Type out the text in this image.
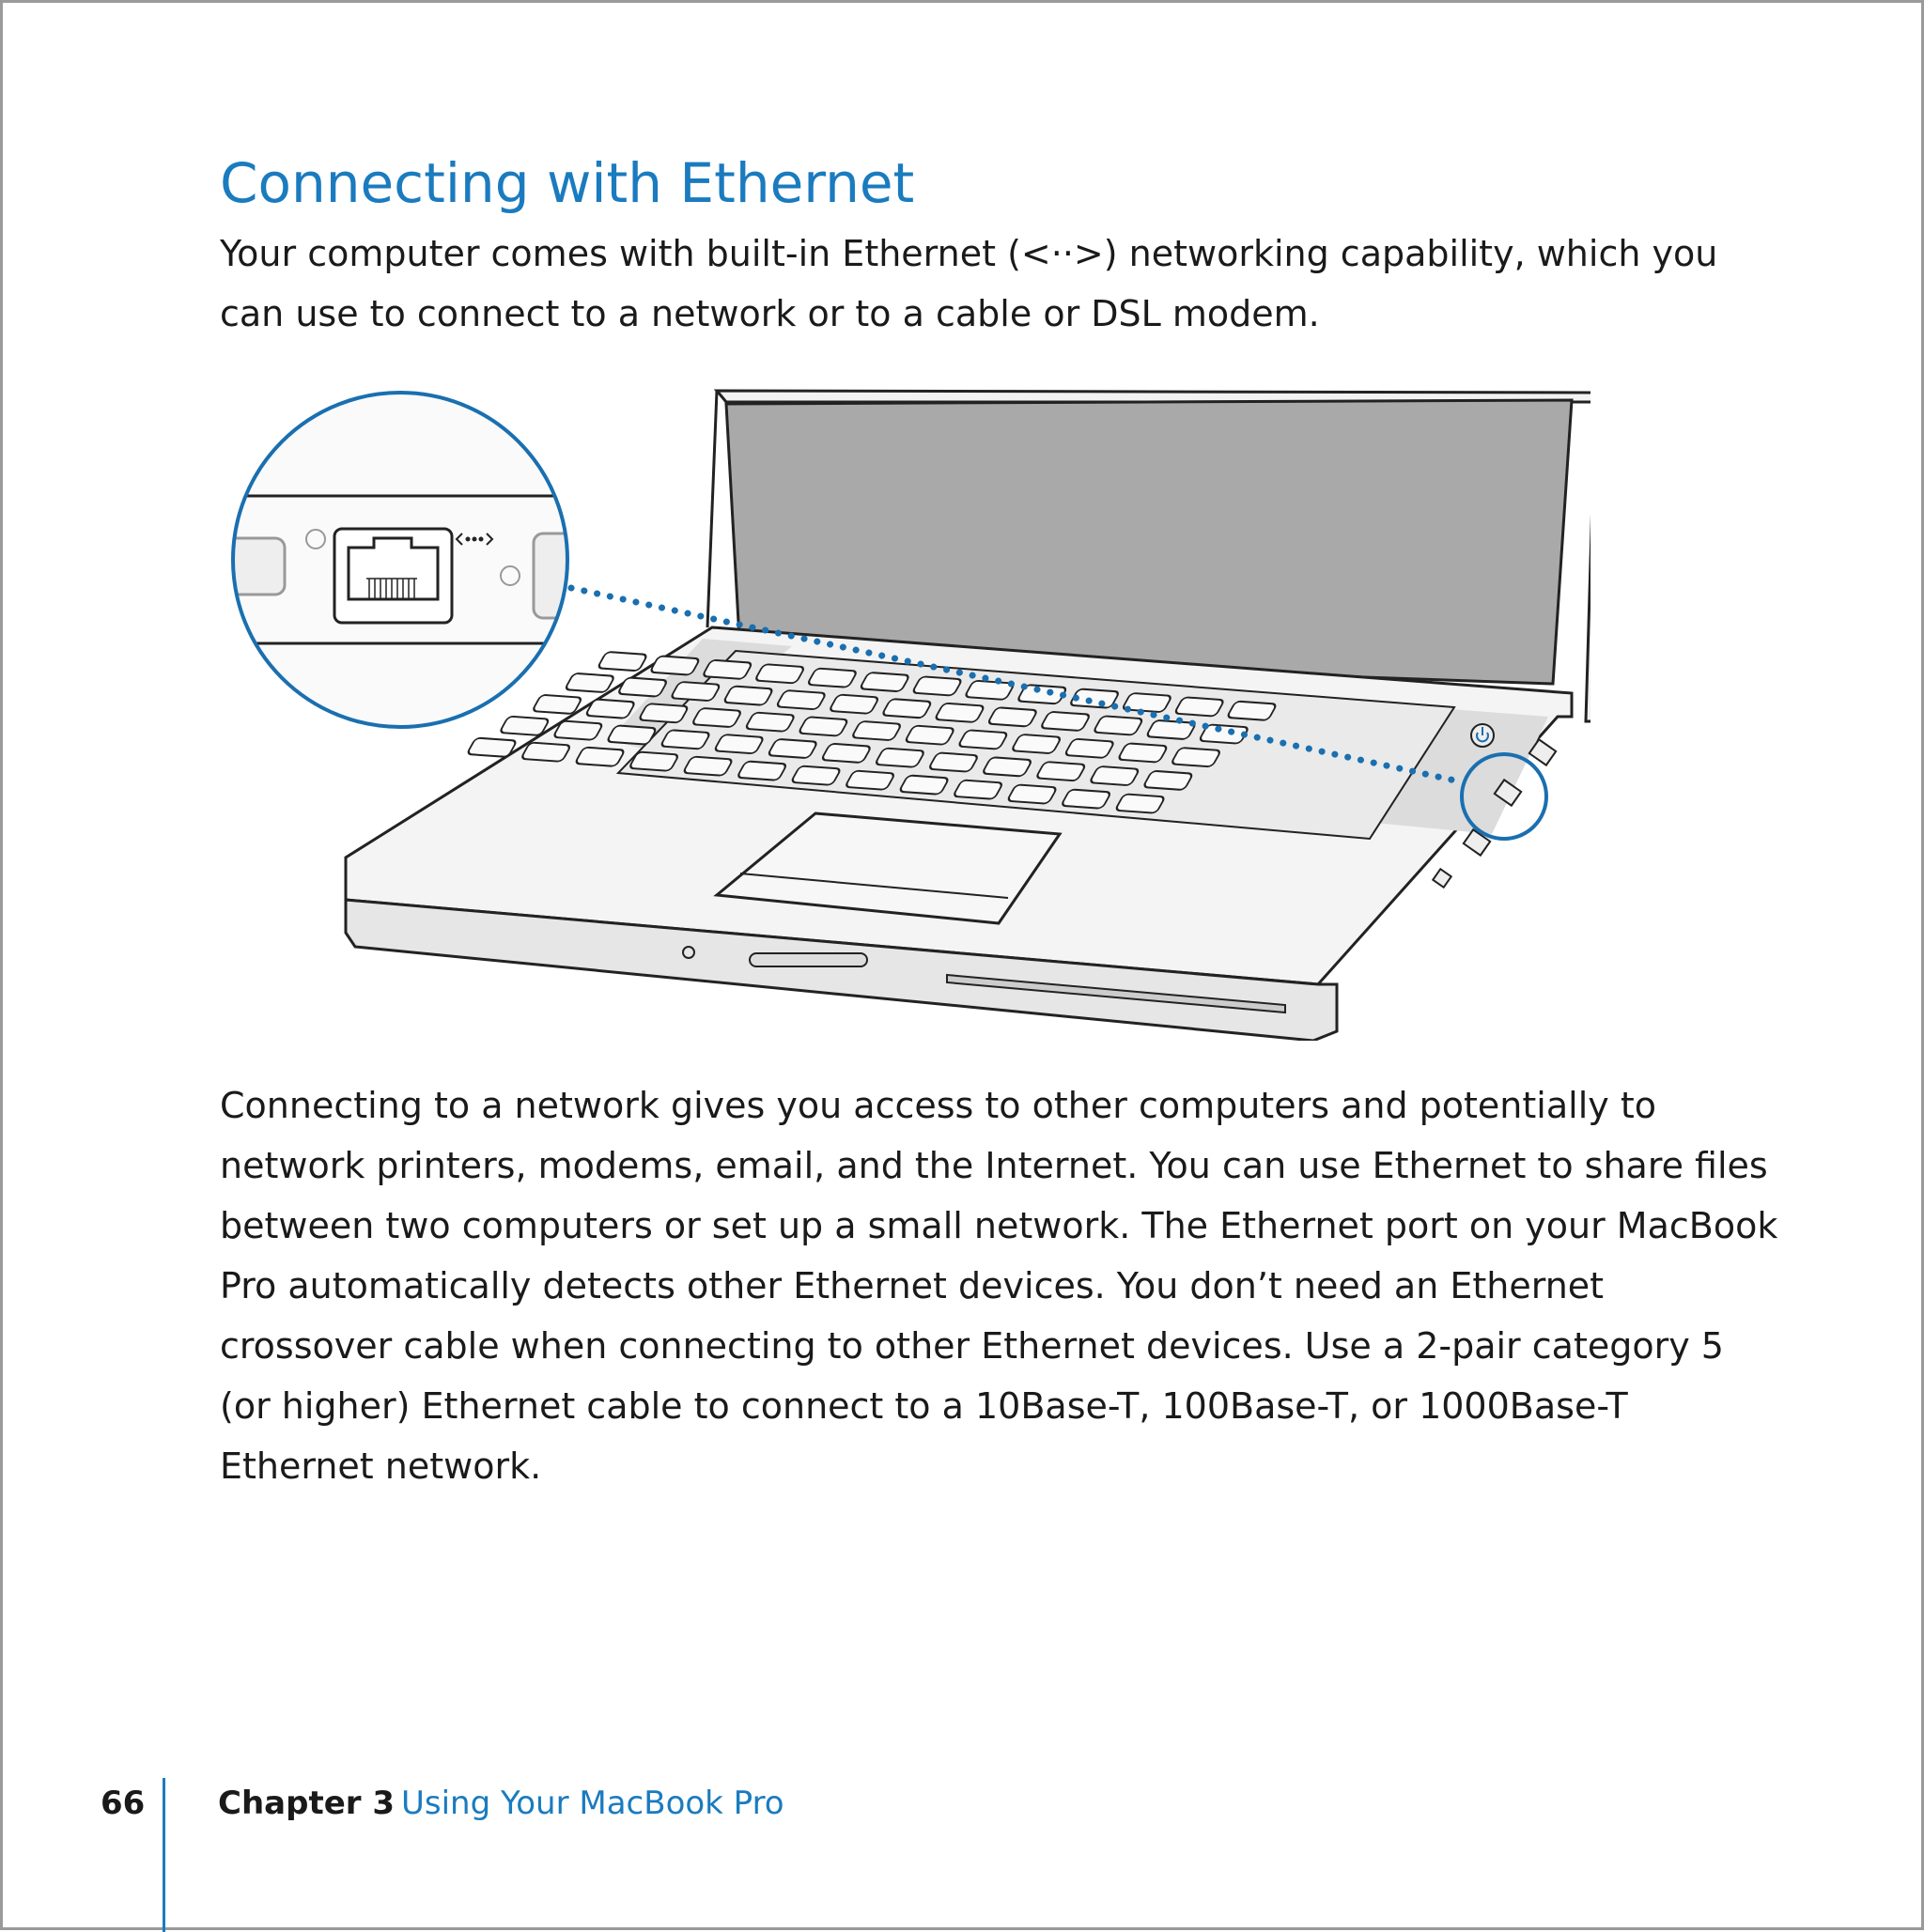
Connecting with Ethernet
Your computer comes with built-in Ethernet (<··>) networking capability, which you can use to connect to a network or to a cable or DSL modem.
Connecting to a network gives you access to other computers and potentially to network printers, modems, email, and the Internet. You can use Ethernet to share files between two computers or set up a small network. The Ethernet port on your MacBook Pro automatically detects other Ethernet devices. You don’t need an Ethernet crossover cable when connecting to other Ethernet devices. Use a 2-pair category 5 (or higher) Ethernet cable to connect to a 10Base-T, 100Base-T, or 1000Base-T Ethernet network.
66 Chapter 3 Using Your MacBook Pro
